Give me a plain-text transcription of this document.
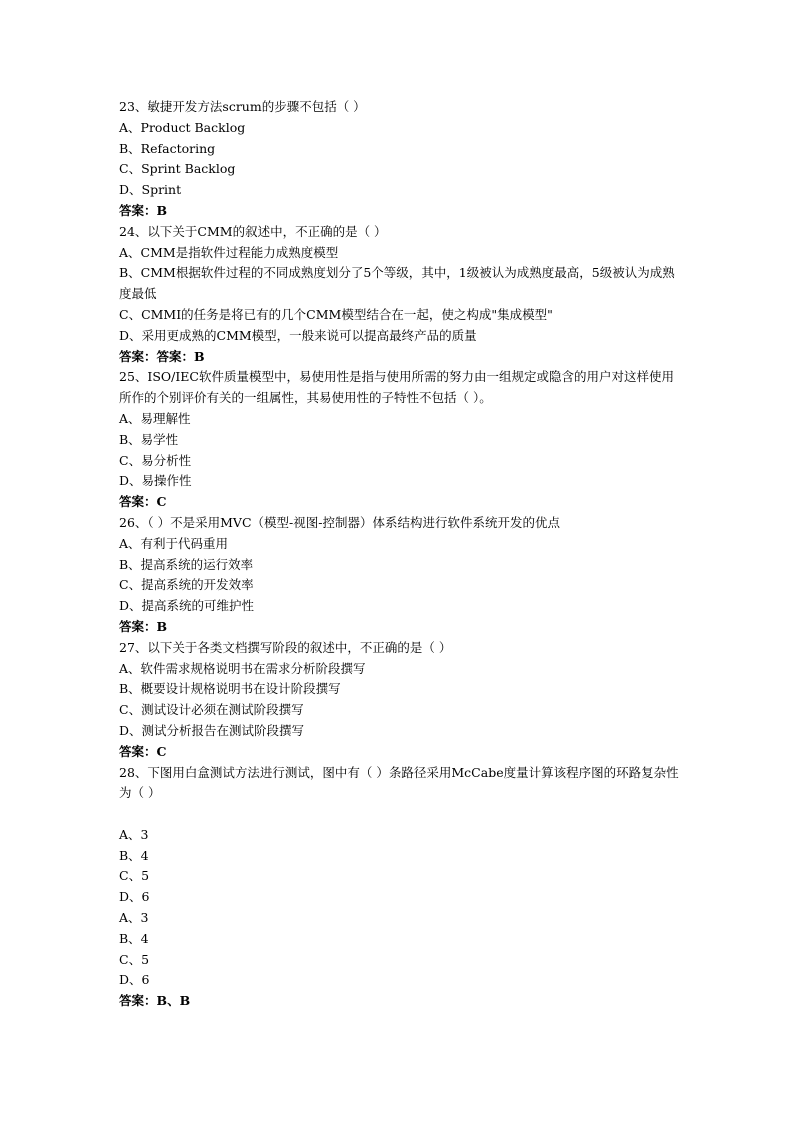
23、敏捷开发方法scrum的步骤不包括（ ）
A、Product Backlog
B、Refactoring
C、Sprint Backlog
D、Sprint
答案：B
24、以下关于CMM的叙述中，不正确的是（ ）
A、CMM是指软件过程能力成熟度模型
B、CMM根据软件过程的不同成熟度划分了5个等级，其中，1级被认为成熟度最高，5级被认为成熟度最低
C、CMMI的任务是将已有的几个CMM模型结合在一起，使之构成"集成模型"
D、采用更成熟的CMM模型，一般来说可以提高最终产品的质量
答案：答案：B
25、ISO/IEC软件质量模型中，易使用性是指与使用所需的努力由一组规定或隐含的用户对这样使用所作的个别评价有关的一组属性，其易使用性的子特性不包括（ ）。
A、易理解性
B、易学性
C、易分析性
D、易操作性
答案：C
26、（ ）不是采用MVC（模型-视图-控制器）体系结构进行软件系统开发的优点
A、有利于代码重用
B、提高系统的运行效率
C、提高系统的开发效率
D、提高系统的可维护性
答案：B
27、以下关于各类文档撰写阶段的叙述中，不正确的是（ ）
A、软件需求规格说明书在需求分析阶段撰写
B、概要设计规格说明书在设计阶段撰写
C、测试设计必须在测试阶段撰写
D、测试分析报告在测试阶段撰写
答案：C
28、下图用白盒测试方法进行测试，图中有（ ）条路径采用McCabe度量计算该程序图的环路复杂性为（ ）
A、3
B、4
C、5
D、6
A、3
B、4
C、5
D、6
答案：B、B
